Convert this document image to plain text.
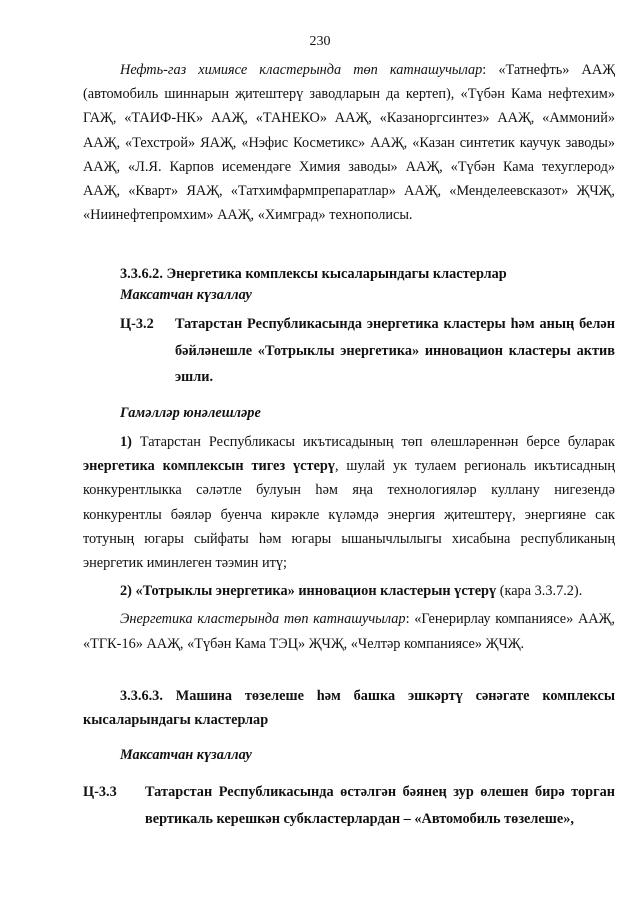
230

Нефть-газ химиясе кластерында төп катнашучылар: «Татнефть» ААҖ (автомобиль шиннарын җитештерү заводларын да кертеп), «Түбән Кама нефтехим» ГАҖ, «ТАИФ-НК» ААҖ, «ТАНЕКО» ААҖ, «Казаноргсинтез» ААҖ, «Аммоний» ААҖ, «Техстрой» ЯАҖ, «Нэфис Косметикс» ААҖ, «Казан синтетик каучук заводы» ААҖ, «Л.Я. Карпов исемендәге Химия заводы» ААҖ, «Түбән Кама техуглерод» ААҖ, «Кварт» ЯАҖ, «Татхимфармпрепаратлар» ААҖ, «Менделеевсказот» ҖЧҖ, «Ниинефтепромхим» ААҖ, «Химград» технополисы.

3.3.6.2. Энергетика комплексы кысаларындагы кластерлар
Максатчан күзаллау
Ц-3.2 Татарстан Республикасында энергетика кластеры һәм аның белән бәйләнешле «Тотрыклы энергетика» инновацион кластеры актив эшли.
Гамәлләр юнәлешләре

1) Татарстан Республикасы икътисадының төп өлешләреннән берсе буларак энергетика комплексын тигез үстерү, шулай ук тулаем региональ икътисадның конкурентлыкка сәләтле булуын һәм яңа технологияләр куллану нигезендә конкурентлы бәяләр буенча кирәкле күләмдә энергия җитештерү, энергияне сак тотуның югары сыйфаты һәм югары ышанычлылыгы хисабына республиканың энергетик иминлеген тәэмин итү;

2) «Тотрыклы энергетика» инновацион кластерын үстерү (кара 3.3.7.2).

Энергетика кластерында төп катнашучылар: «Генерирлау компаниясе» ААҖ, «ТГК-16» ААҖ, «Түбән Кама ТЭЦ» ҖЧҖ, «Челтәр компаниясе» ҖЧҖ.

3.3.6.3. Машина төзелеше һәм башка эшкәртү сәнәгате комплексы кысаларындагы кластерлар

Максатчан күзаллау
Ц-3.3 Татарстан Республикасында өстәлгән бәянең зур өлешен бирә торган вертикаль керешкән субкластерлардан – «Автомобиль төзелеше»,
